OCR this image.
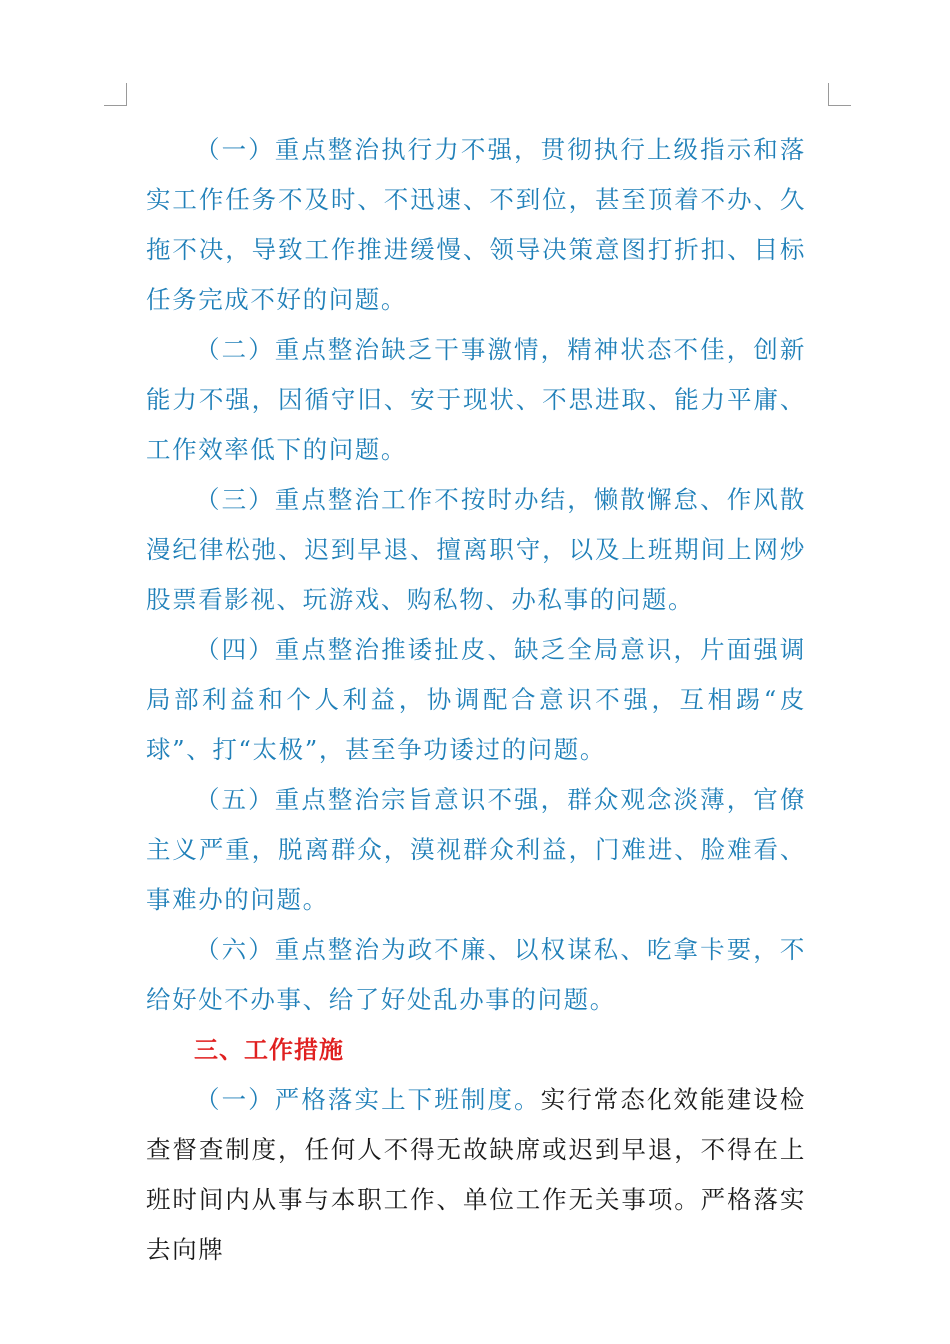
（一）重点整治执行力不强，贯彻执行上级指示和落实工作任务不及时、不迅速、不到位，甚至顶着不办、久拖不决，导致工作推进缓慢、领导决策意图打折扣、目标任务完成不好的问题。

（二）重点整治缺乏干事激情，精神状态不佳，创新能力不强，因循守旧、安于现状、不思进取、能力平庸、工作效率低下的问题。

（三）重点整治工作不按时办结，懒散懈怠、作风散漫纪律松弛、迟到早退、擅离职守，以及上班期间上网炒股票看影视、玩游戏、购私物、办私事的问题。

（四）重点整治推诿扯皮、缺乏全局意识，片面强调局部利益和个人利益，协调配合意识不强，互相踢“皮球”、打“太极”，甚至争功诿过的问题。

（五）重点整治宗旨意识不强，群众观念淡薄，官僚主义严重，脱离群众，漠视群众利益，门难进、脸难看、事难办的问题。

（六）重点整治为政不廉、以权谋私、吃拿卡要，不给好处不办事、给了好处乱办事的问题。

三、工作措施

（一）严格落实上下班制度。实行常态化效能建设检查督查制度，任何人不得无故缺席或迟到早退，不得在上班时间内从事与本职工作、单位工作无关事项。严格落实去向牌
